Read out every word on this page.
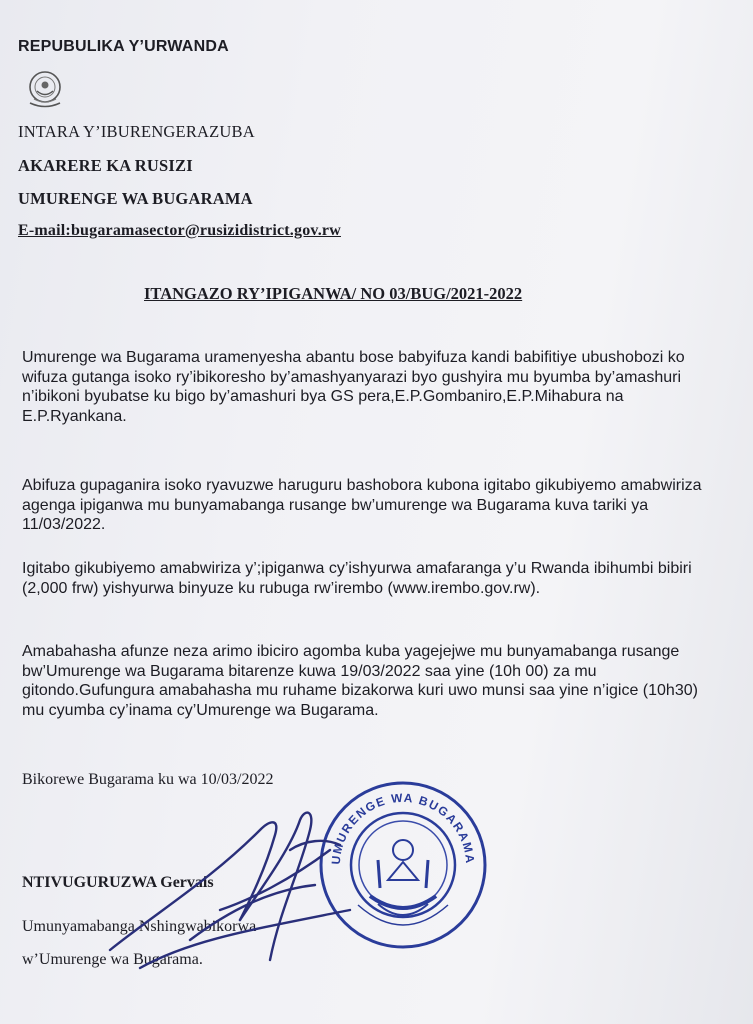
REPUBULIKA Y’URWANDA
INTARA Y’IBURENGERAZUBA
AKARERE KA RUSIZI
UMURENGE WA BUGARAMA
E-mail:bugaramasector@rusizidistrict.gov.rw
ITANGAZO RY’IPIGANWA/ NO 03/BUG/2021-2022

Umurenge wa Bugarama uramenyesha abantu bose babyifuza kandi babifitiye ubushobozi ko wifuza gutanga isoko ry’ibikoresho by’amashyanyarazi byo gushyira mu byumba by’amashuri n’ibikoni byubatse ku bigo by’amashuri bya GS pera,E.P.Gombaniro,E.P.Mihabura na E.P.Ryankana.

Abifuza gupaganira isoko ryavuzwe haruguru bashobora kubona igitabo gikubiyemo amabwiriza agenga ipiganwa mu bunyamabanga rusange bw’umurenge wa Bugarama kuva tariki ya 11/03/2022.

Igitabo gikubiyemo amabwiriza y’;ipiganwa cy’ishyurwa amafaranga y’u Rwanda ibihumbi bibiri (2,000 frw) yishyurwa binyuze ku rubuga rw’irembo (www.irembo.gov.rw).

Amabahasha afunze neza arimo ibiciro agomba kuba yagejejwe mu bunyamabanga rusange bw’Umurenge wa Bugarama bitarenze kuwa 19/03/2022 saa yine (10h 00) za mu gitondo.Gufungura amabahasha mu ruhame bizakorwa kuri uwo munsi saa yine n’igice (10h30) mu cyumba cy’inama cy’Umurenge wa Bugarama.

Bikorewe Bugarama ku wa 10/03/2022
NTIVUGURUZWA Gervais
Umunyamabanga Nshingwabikorwa
w’Umurenge wa Bugarama.
UMURENGE WA BUGARAMA
